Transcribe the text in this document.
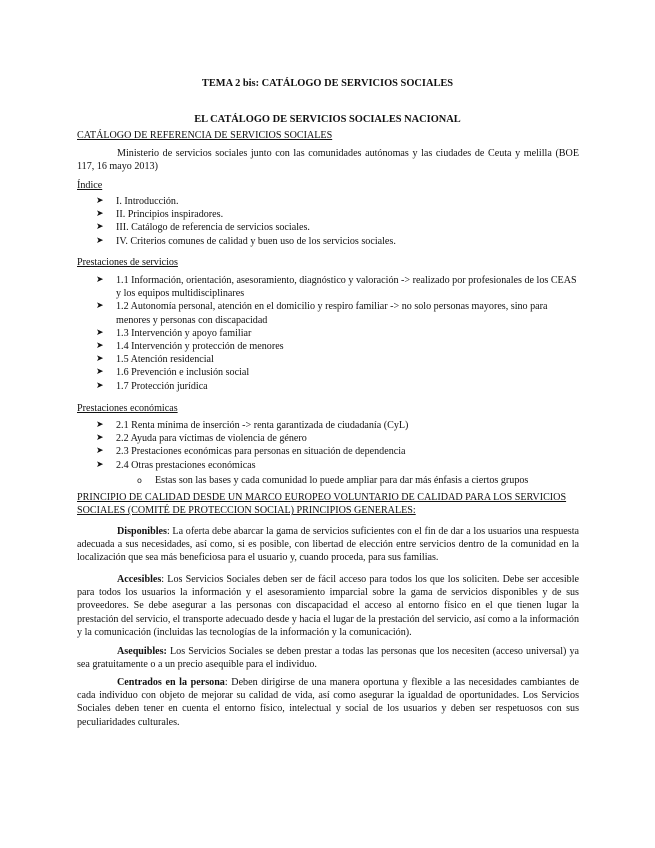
TEMA 2 bis: CATÁLOGO DE SERVICIOS SOCIALES
EL CATÁLOGO DE SERVICIOS SOCIALES NACIONAL
CATÁLOGO DE REFERENCIA DE SERVICIOS SOCIALES
Ministerio de servicios sociales junto con las comunidades autónomas y las ciudades de Ceuta y melilla (BOE 117, 16 mayo 2013)
Índice
➤ I. Introducción.
➤ II. Principios inspiradores.
➤ III. Catálogo de referencia de servicios sociales.
➤ IV. Criterios comunes de calidad y buen uso de los servicios sociales.
Prestaciones de servicios
➤ 1.1 Información, orientación, asesoramiento, diagnóstico y valoración -> realizado por profesionales de los CEAS y los equipos multidisciplinares
➤ 1.2 Autonomía personal, atención en el domicilio y respiro familiar -> no solo personas mayores, sino para menores y personas con discapacidad
➤ 1.3 Intervención y apoyo familiar
➤ 1.4 Intervención y protección de menores
➤ 1.5 Atención residencial
➤ 1.6 Prevención e inclusión social
➤ 1.7 Protección jurídica
Prestaciones económicas
➤ 2.1 Renta mínima de inserción -> renta garantizada de ciudadanía (CyL)
➤ 2.2 Ayuda para víctimas de violencia de género
➤ 2.3 Prestaciones económicas para personas en situación de dependencia
➤ 2.4 Otras prestaciones económicas
o Estas son las bases y cada comunidad lo puede ampliar para dar más énfasis a ciertos grupos
PRINCIPIO DE CALIDAD DESDE UN MARCO EUROPEO VOLUNTARIO DE CALIDAD PARA LOS SERVICIOS SOCIALES (COMITÉ DE PROTECCION SOCIAL) PRINCIPIOS GENERALES:
Disponibles: La oferta debe abarcar la gama de servicios suficientes con el fin de dar a los usuarios una respuesta adecuada a sus necesidades, así como, si es posible, con libertad de elección entre servicios dentro de la comunidad en la localización que sea más beneficiosa para el usuario y, cuando proceda, para sus familias.
Accesibles: Los Servicios Sociales deben ser de fácil acceso para todos los que los soliciten. Debe ser accesible para todos los usuarios la información y el asesoramiento imparcial sobre la gama de servicios disponibles y de sus proveedores. Se debe asegurar a las personas con discapacidad el acceso al entorno físico en el que tienen lugar la prestación del servicio, el transporte adecuado desde y hacia el lugar de la prestación del servicio, así como a la información y la comunicación (incluidas las tecnologías de la información y la comunicación).
Asequibles: Los Servicios Sociales se deben prestar a todas las personas que los necesiten (acceso universal) ya sea gratuitamente o a un precio asequible para el individuo.
Centrados en la persona: Deben dirigirse de una manera oportuna y flexible a las necesidades cambiantes de cada individuo con objeto de mejorar su calidad de vida, así como asegurar la igualdad de oportunidades. Los Servicios Sociales deben tener en cuenta el entorno físico, intelectual y social de los usuarios y deben ser respetuosos con sus peculiaridades culturales.
